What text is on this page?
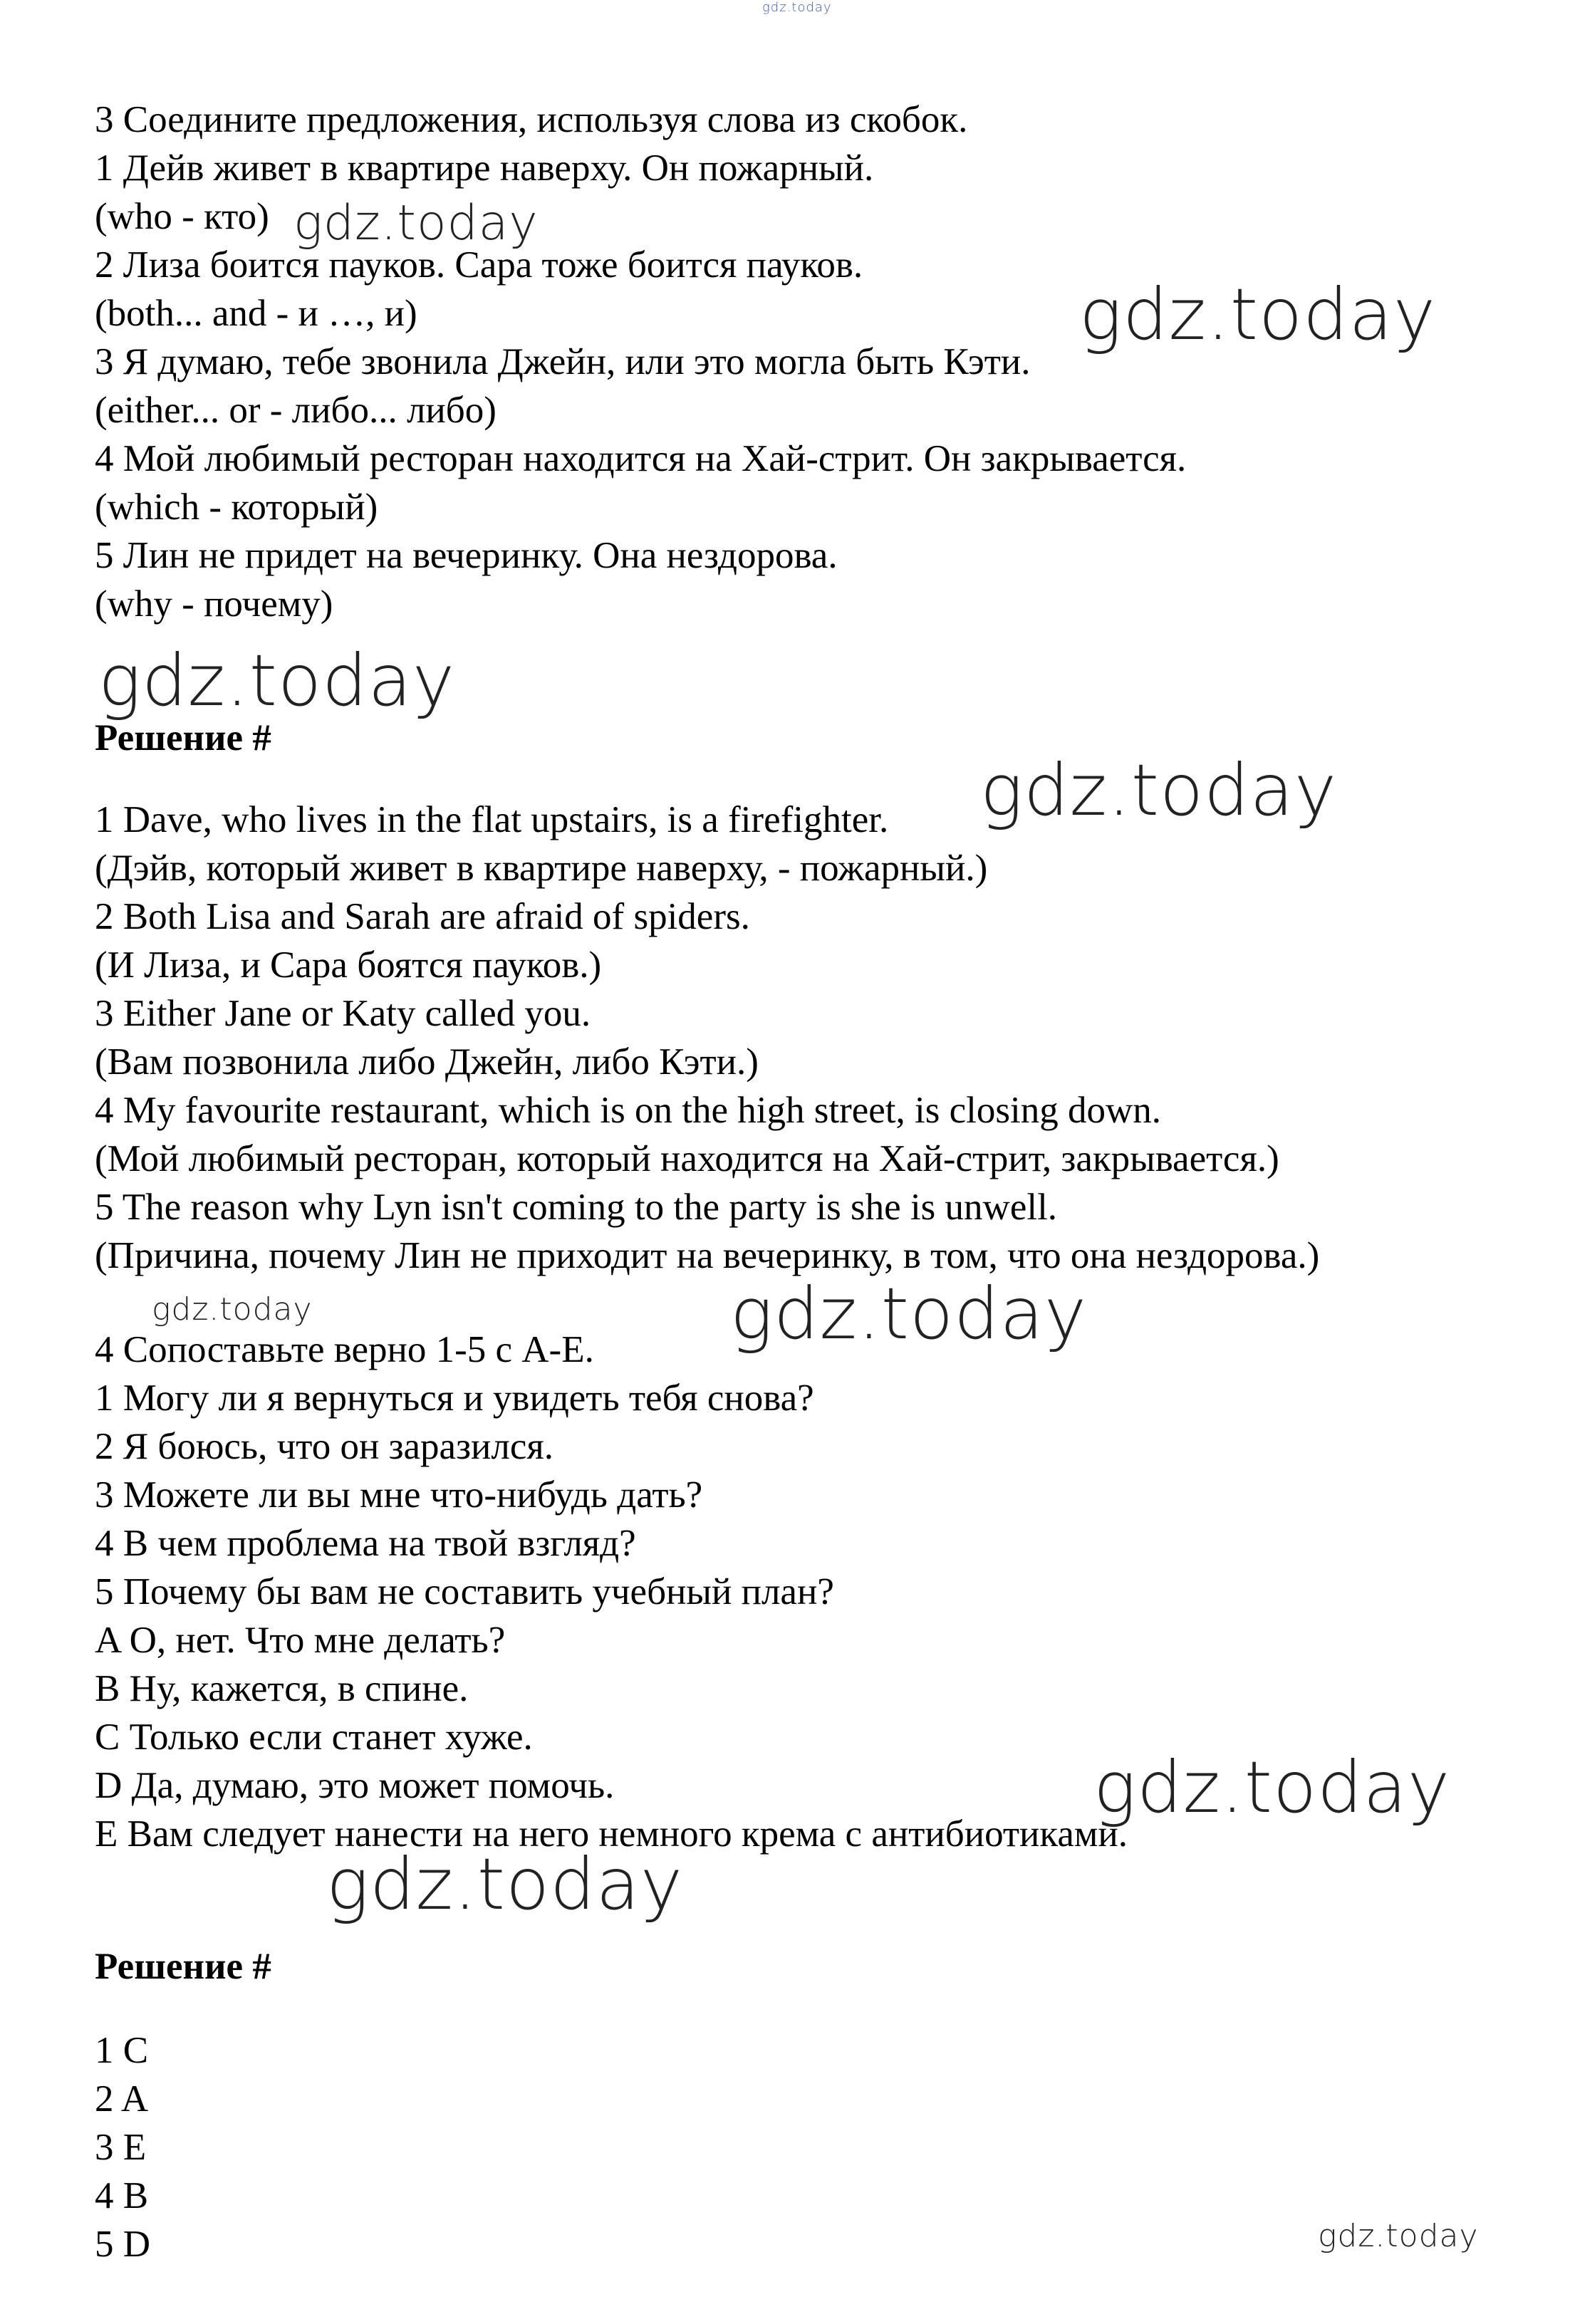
gdz.today

3 Соедините предложения, используя слова из скобок.

1 Дейв живет в квартире наверху. Он пожарный.

(who - кто)

2 Лиза боится пауков. Сара тоже боится пауков.

(both... and - и …, и)

3 Я думаю, тебе звонила Джейн, или это могла быть Кэти.

(either... or - либо... либо)

4 Мой любимый ресторан находится на Хай-стрит. Он закрывается.

(which - который)

5 Лин не придет на вечеринку. Она нездорова.

(why - почему)

Решение #

1 Dave, who lives in the flat upstairs, is a firefighter.

(Дэйв, который живет в квартире наверху, - пожарный.)

2 Both Lisa and Sarah are afraid of spiders.

(И Лиза, и Сара боятся пауков.)

3 Either Jane or Katy called you.

(Вам позвонила либо Джейн, либо Кэти.)

4 My favourite restaurant, which is on the high street, is closing down.

(Мой любимый ресторан, который находится на Хай-стрит, закрывается.)

5 The reason why Lyn isn't coming to the party is she is unwell.

(Причина, почему Лин не приходит на вечеринку, в том, что она нездорова.)

4 Сопоставьте верно 1-5 с A-E.

1 Могу ли я вернуться и увидеть тебя снова?

2 Я боюсь, что он заразился.

3 Можете ли вы мне что-нибудь дать?

4 В чем проблема на твой взгляд?

5 Почему бы вам не составить учебный план?

A О, нет. Что мне делать?

B Ну, кажется, в спине.

C Только если станет хуже.

D Да, думаю, это может помочь.

E Вам следует нанести на него немного крема с антибиотиками.

Решение #

1 C

2 A

3 E

4 B

5 D

gdz.today
gdz.today
gdz.today
gdz.today
gdz.today	gdz.today
gdz.today
gdz.today
gdz.today
